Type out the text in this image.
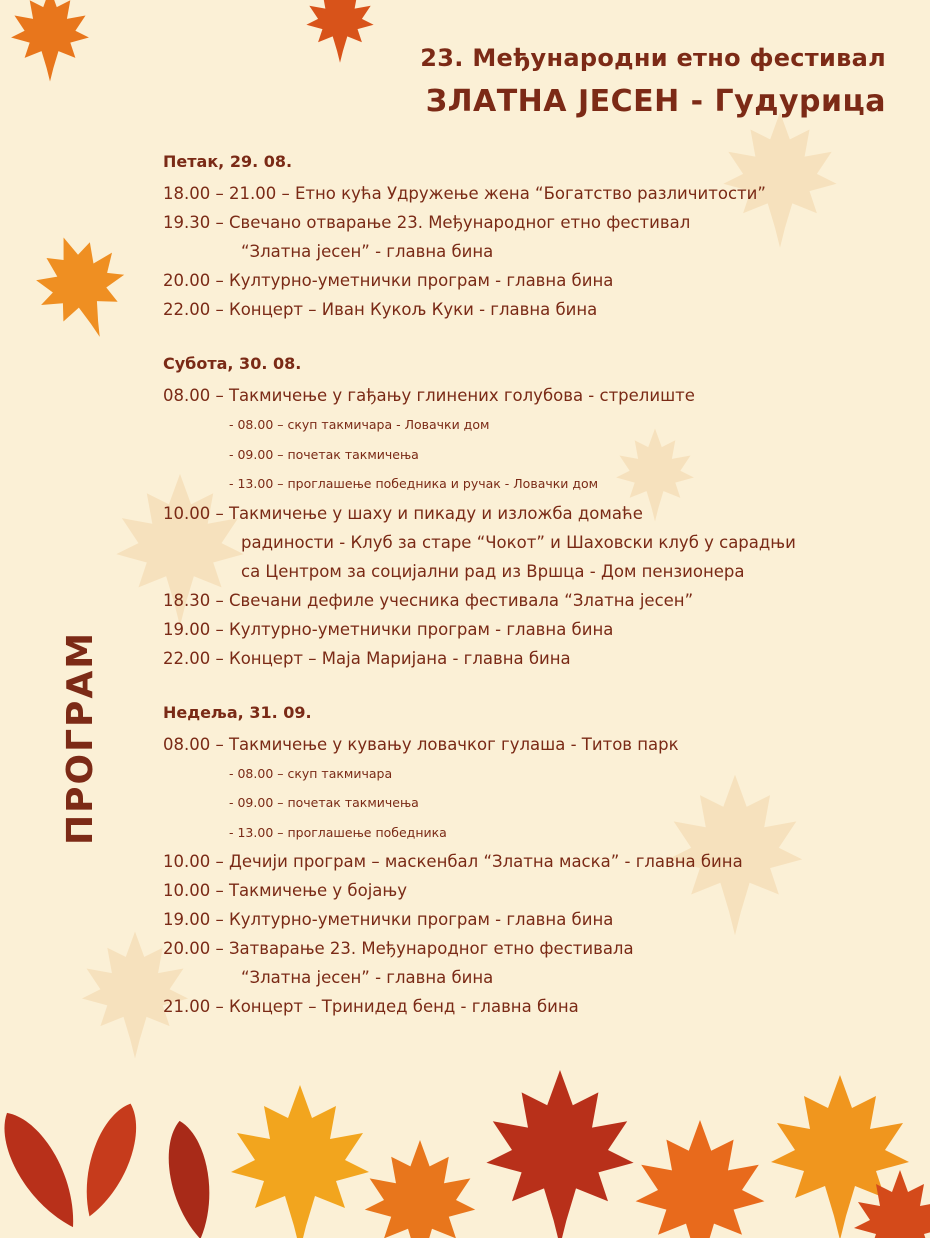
23. Међународни етно фестивал
ЗЛАТНА ЈЕСЕН - Гудурица
ПРОГРАМ
Петак, 29. 08.
18.00 – 21.00 – Етно кућа Удружење жена “Богатство различитости”
19.30 – Свечано отварање 23. Међународног етно фестивал
“Златна јесен” - главна бина
20.00 – Културно-уметнички програм - главна бина
22.00 – Концерт – Иван Кукољ Куки - главна бина
Субота, 30. 08.
08.00 – Такмичење у гађању глинених голубова - стрелиште
- 08.00 – скуп такмичара - Ловачки дом
- 09.00 – почетак такмичења
- 13.00 – проглашење победника и ручак - Ловачки дом
10.00 – Такмичење у шаху и пикаду и изложба домаће
радиности - Клуб за старе “Чокот” и Шаховски клуб у сарадњи
са Центром за социјални рад из Вршца - Дом пензионера
18.30 – Свечани дефиле учесника фестивала “Златна јесен”
19.00 – Културно-уметнички програм - главна бина
22.00 – Концерт – Маја Маријана - главна бина
Недеља, 31. 09.
08.00 – Такмичење у кувању ловачког гулаша - Титов парк
- 08.00 – скуп такмичара
- 09.00 – почетак такмичења
- 13.00 – проглашење победника
10.00 – Дечији програм – маскенбал “Златна маска” - главна бина
10.00 – Такмичење у бојању
19.00 – Културно-уметнички програм - главна бина
20.00 – Затварање 23. Међународног етно фестивала
“Златна јесен” - главна бина
21.00 – Концерт – Тринидед бенд - главна бина
